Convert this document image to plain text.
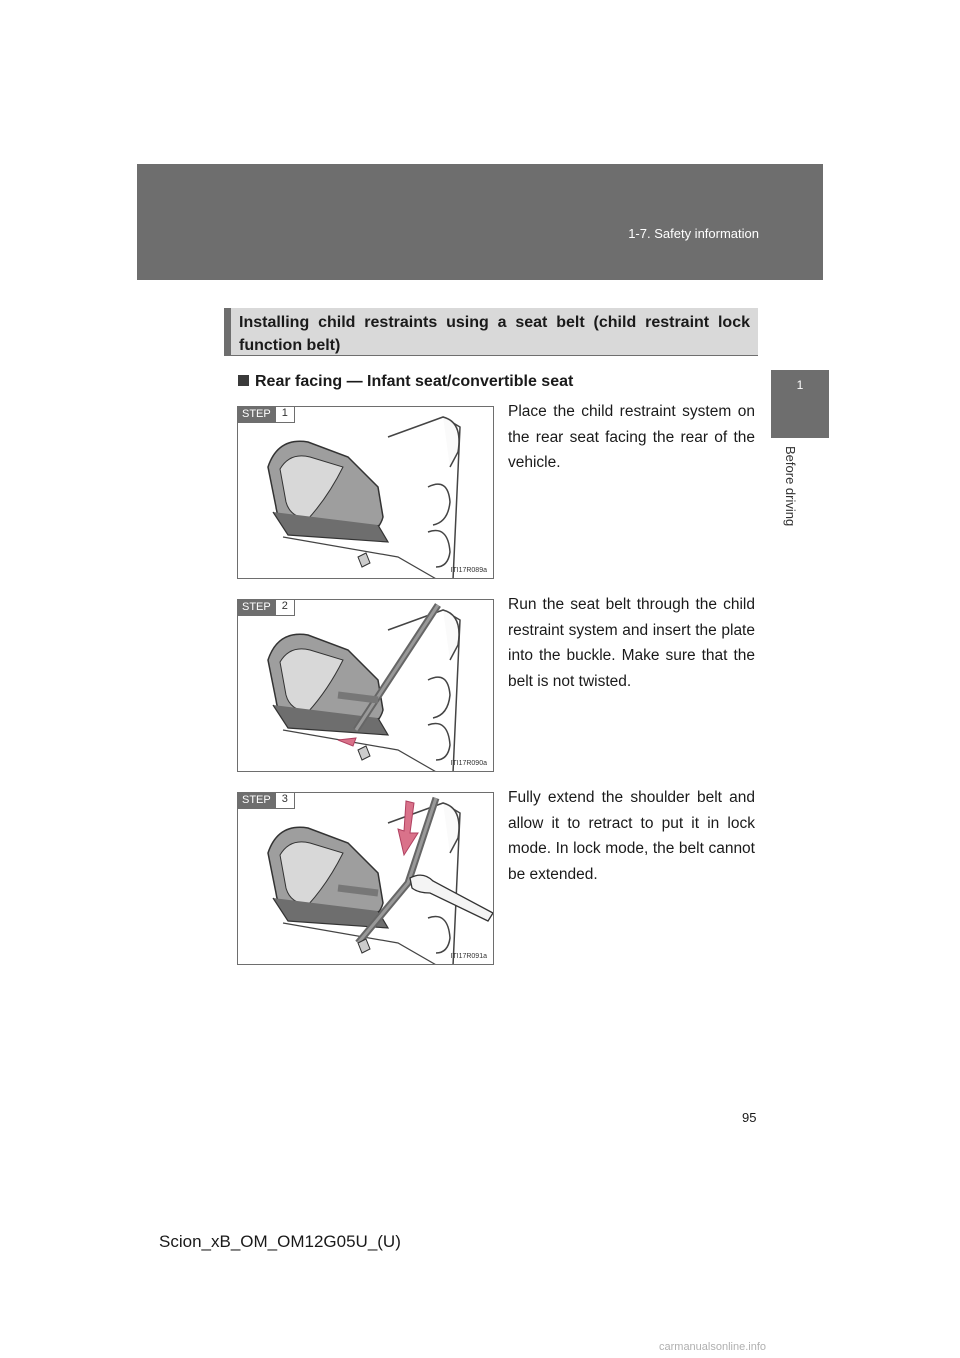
1-7. Safety information
1
Before driving
Installing child restraints using a seat belt (child restraint lock function belt)
Rear facing — Infant seat/convertible seat
STEP	1
ITI17R089a
Place the child restraint system on the rear seat facing the rear of the vehicle.
STEP	2
ITI17R090a
Run the seat belt through the child restraint system and insert the plate into the buckle. Make sure that the belt is not twisted.
STEP	3
ITI17R091a
Fully extend the shoulder belt and allow it to retract to put it in lock mode. In lock mode, the belt cannot be extended.
95
Scion_xB_OM_OM12G05U_(U)
carmanualsonline.info
